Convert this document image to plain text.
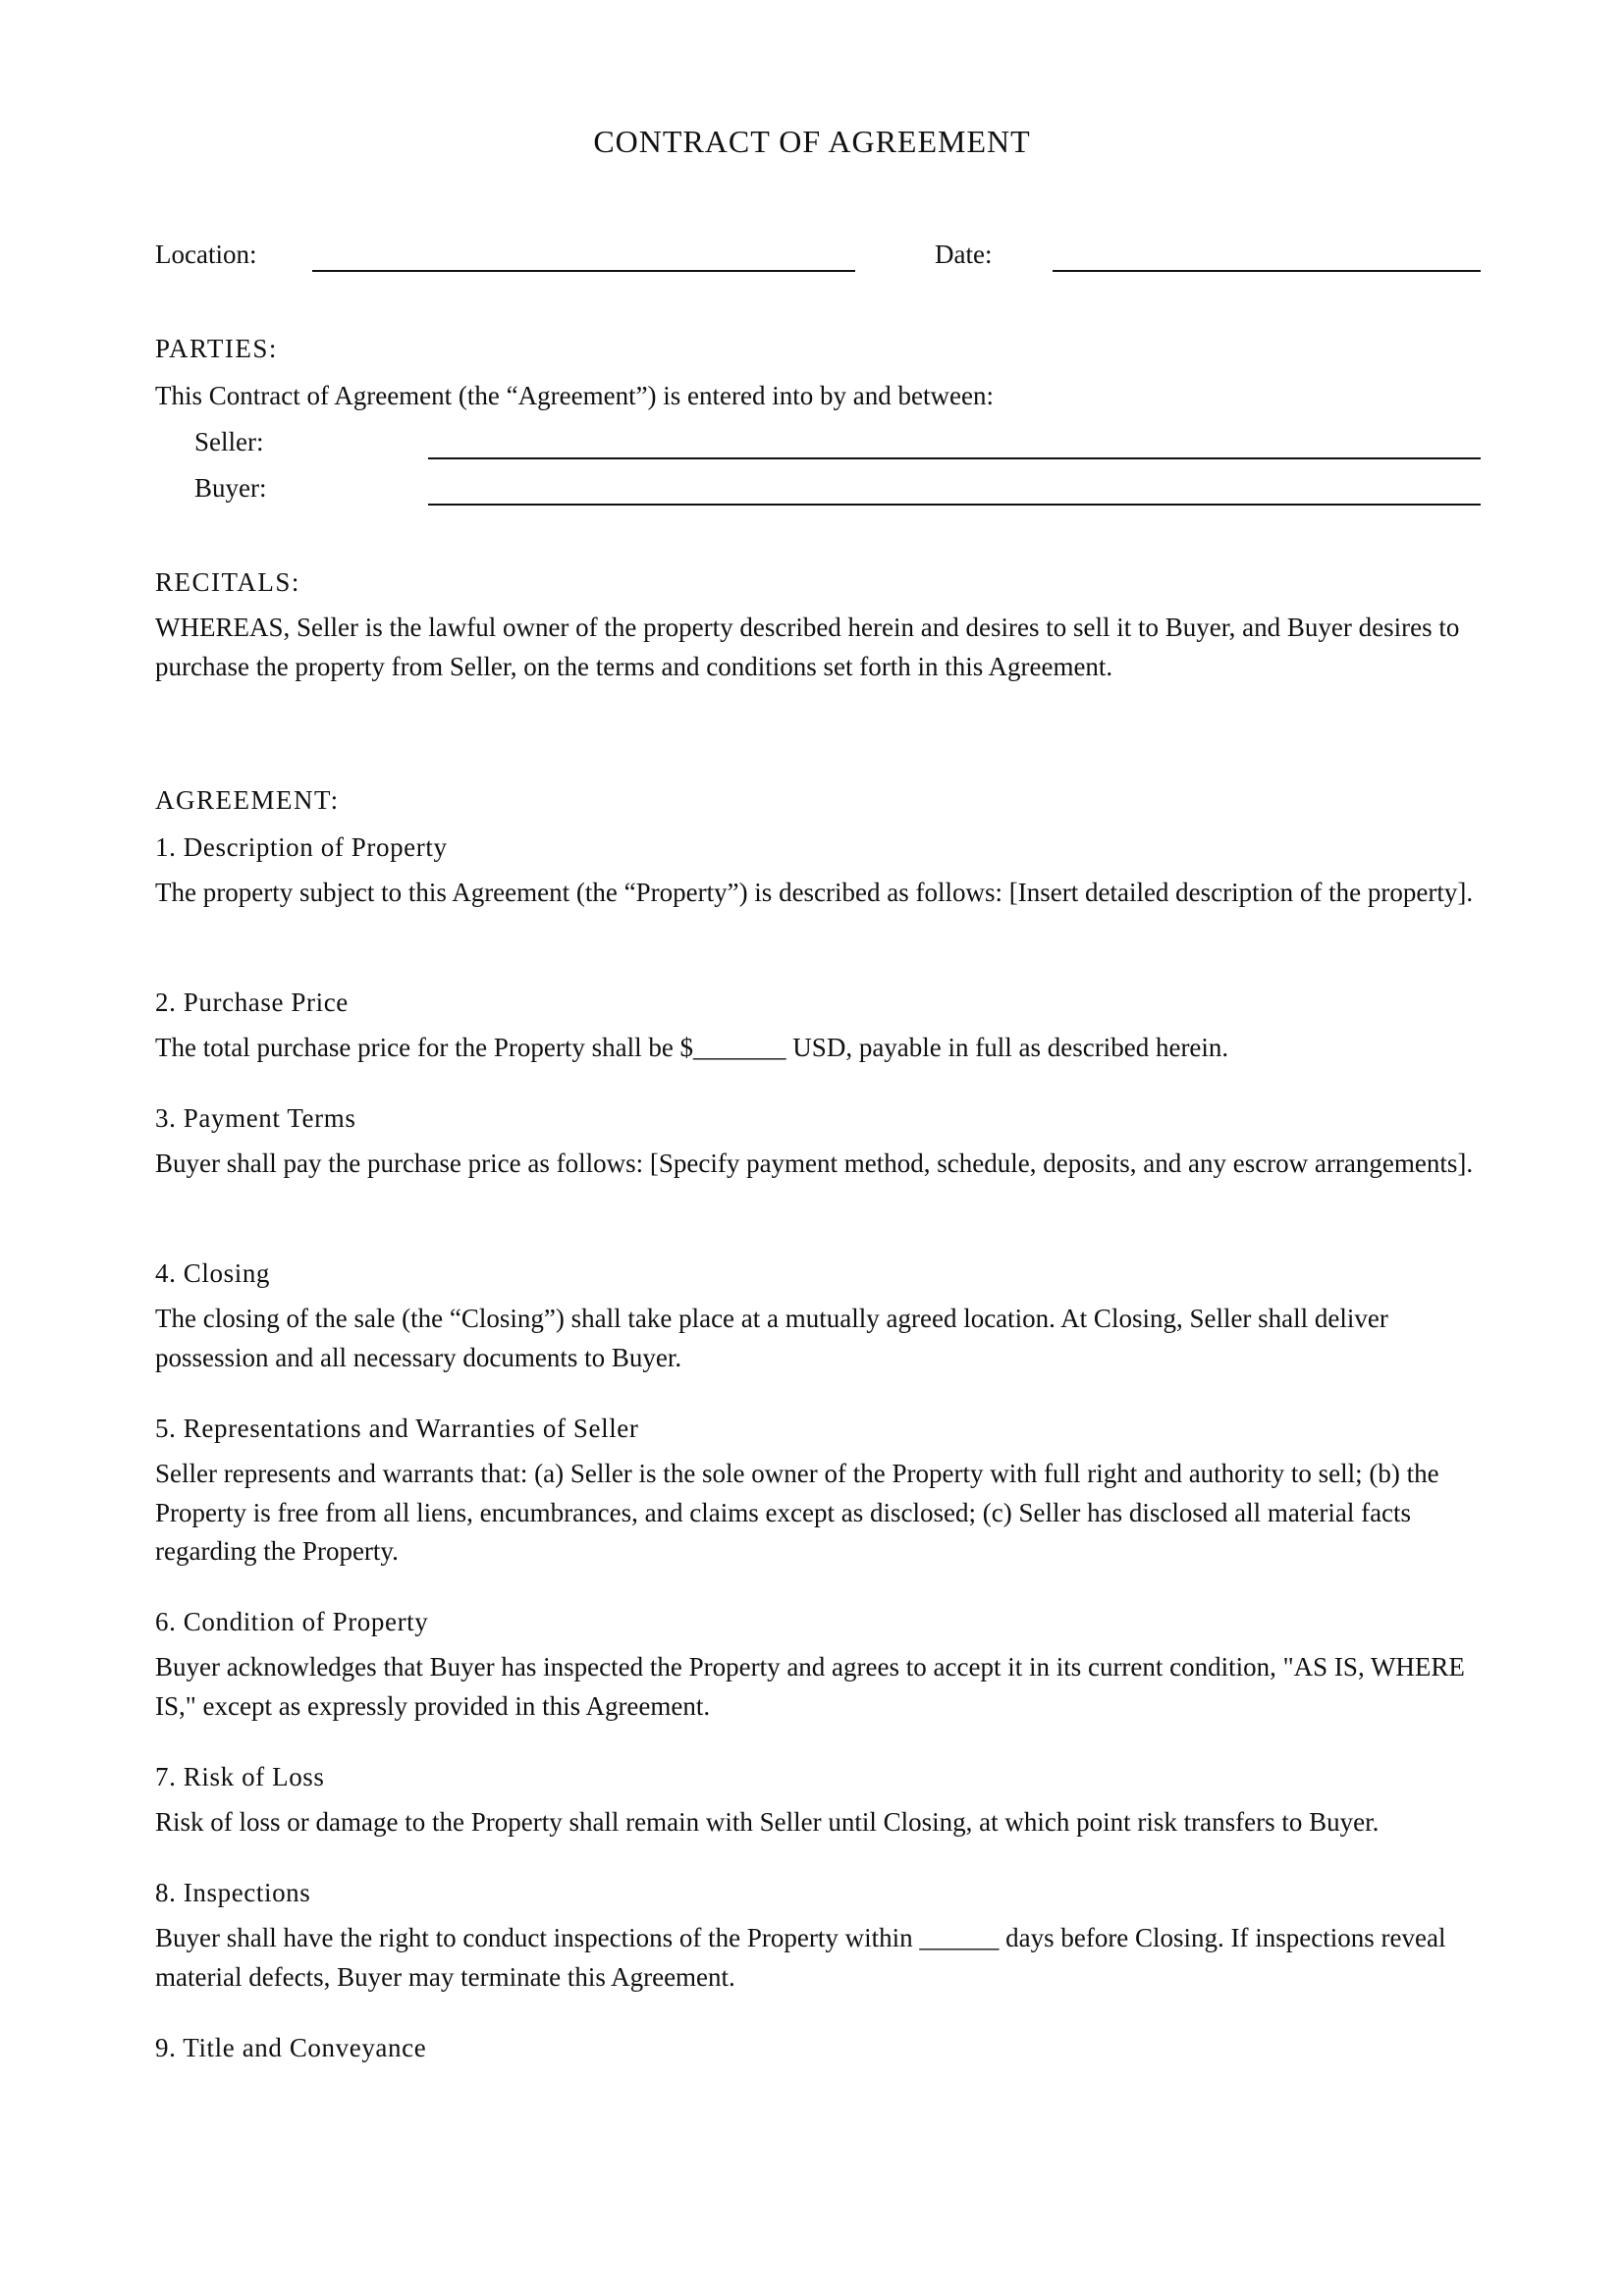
CONTRACT OF AGREEMENT
Location:	Date:
PARTIES:
This Contract of Agreement (the “Agreement”) is entered into by and between:
Seller:
Buyer:
RECITALS:
WHEREAS, Seller is the lawful owner of the property described herein and desires to sell it to Buyer, and Buyer desires to purchase the property from Seller, on the terms and conditions set forth in this Agreement.
AGREEMENT:
1. Description of Property
The property subject to this Agreement (the “Property”) is described as follows: [Insert detailed description of the property].
2. Purchase Price
The total purchase price for the Property shall be $_______ USD, payable in full as described herein.
3. Payment Terms
Buyer shall pay the purchase price as follows: [Specify payment method, schedule, deposits, and any escrow arrangements].
4. Closing
The closing of the sale (the “Closing”) shall take place at a mutually agreed location. At Closing, Seller shall deliver possession and all necessary documents to Buyer.
5. Representations and Warranties of Seller
Seller represents and warrants that: (a) Seller is the sole owner of the Property with full right and authority to sell; (b) the Property is free from all liens, encumbrances, and claims except as disclosed; (c) Seller has disclosed all material facts regarding the Property.
6. Condition of Property
Buyer acknowledges that Buyer has inspected the Property and agrees to accept it in its current condition, "AS IS, WHERE IS," except as expressly provided in this Agreement.
7. Risk of Loss
Risk of loss or damage to the Property shall remain with Seller until Closing, at which point risk transfers to Buyer.
8. Inspections
Buyer shall have the right to conduct inspections of the Property within ______ days before Closing. If inspections reveal material defects, Buyer may terminate this Agreement.
9. Title and Conveyance
